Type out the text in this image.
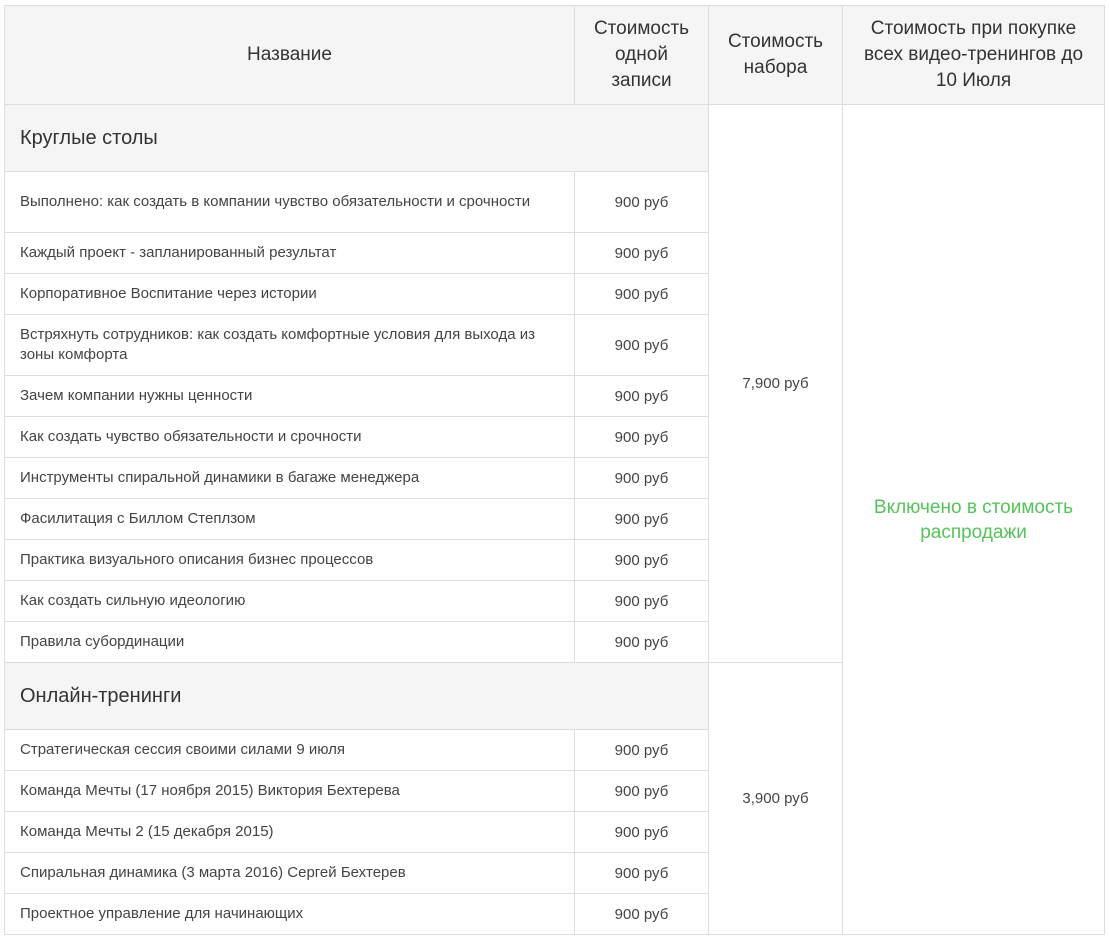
Название	Стоимость одной записи	Стоимость набора	Стоимость при покупке всех видео-тренингов до 10 Июля
Круглые столы		7,900 руб	Включено в стоимость распродажи
Выполнено: как создать в компании чувство обязательности и срочности	900 руб		
Каждый проект - запланированный результат	900 руб		
Корпоративное Воспитание через истории	900 руб		
Встряхнуть сотрудников: как создать комфортные условия для выхода из зоны комфорта	900 руб		
Зачем компании нужны ценности	900 руб		
Как создать чувство обязательности и срочности	900 руб		
Инструменты спиральной динамики в багаже менеджера	900 руб		
Фасилитация с Биллом Степлзом	900 руб		
Практика визуального описания бизнес процессов	900 руб		
Как создать сильную идеологию	900 руб		
Правила субординации	900 руб		
Онлайн-тренинги		3,900 руб	
Стратегическая сессия своими силами 9 июля	900 руб		
Команда Мечты (17 ноября 2015) Виктория Бехтерева	900 руб		
Команда Мечты 2 (15 декабря 2015)	900 руб		
Спиральная динамика (3 марта 2016) Сергей Бехтерев	900 руб		
Проектное управление для начинающих	900 руб		
